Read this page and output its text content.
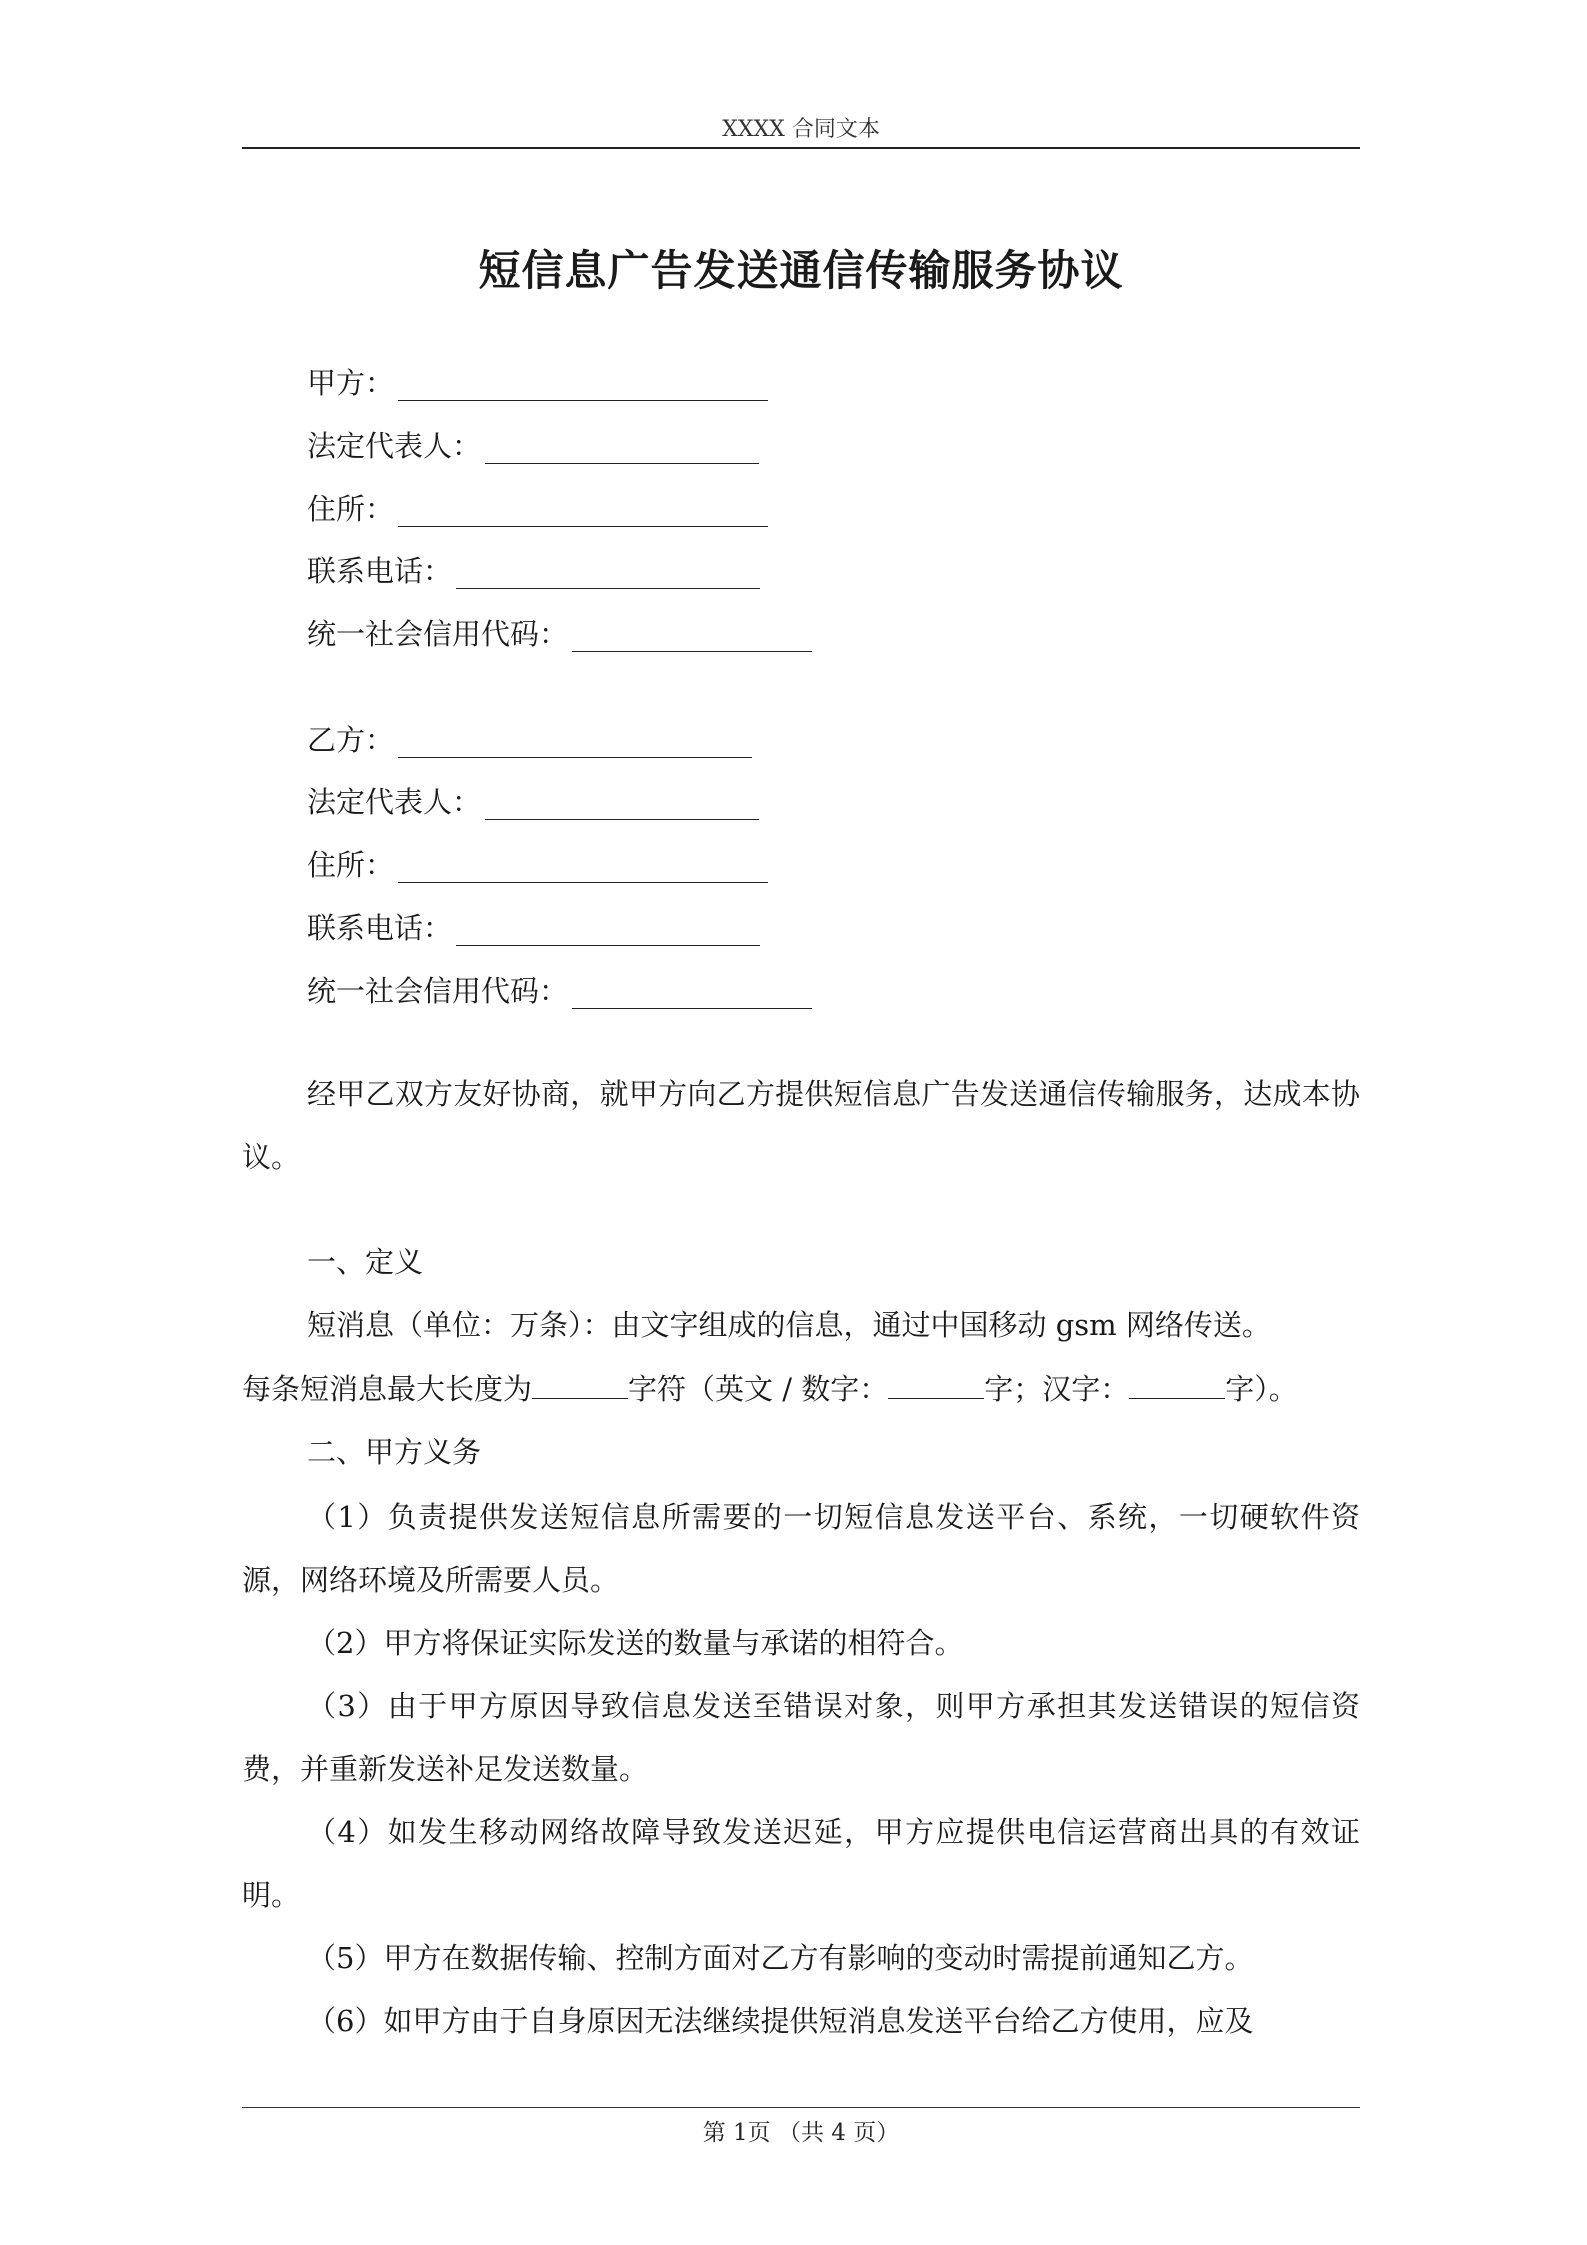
XXXX 合同文本
短信息广告发送通信传输服务协议
甲方：
法定代表人：
住所：
联系电话：
统一社会信用代码：
乙方：
法定代表人：
住所：
联系电话：
统一社会信用代码：
经甲乙双方友好协商，就甲方向乙方提供短信息广告发送通信传输服务，达成本协议。
一、定义
短消息（单位：万条）：由文字组成的信息，通过中国移动 gsm 网络传送。
每条短消息最大长度为	字符（英文 / 数字：	字；汉字：	字）。
二、甲方义务
（1）负责提供发送短信息所需要的一切短信息发送平台、系统，一切硬软件资源，网络环境及所需要人员。
（2）甲方将保证实际发送的数量与承诺的相符合。
（3）由于甲方原因导致信息发送至错误对象，则甲方承担其发送错误的短信资费，并重新发送补足发送数量。
（4）如发生移动网络故障导致发送迟延，甲方应提供电信运营商出具的有效证明。
（5）甲方在数据传输、控制方面对乙方有影响的变动时需提前通知乙方。
（6）如甲方由于自身原因无法继续提供短消息发送平台给乙方使用，应及
第 1页 （共 4 页）
